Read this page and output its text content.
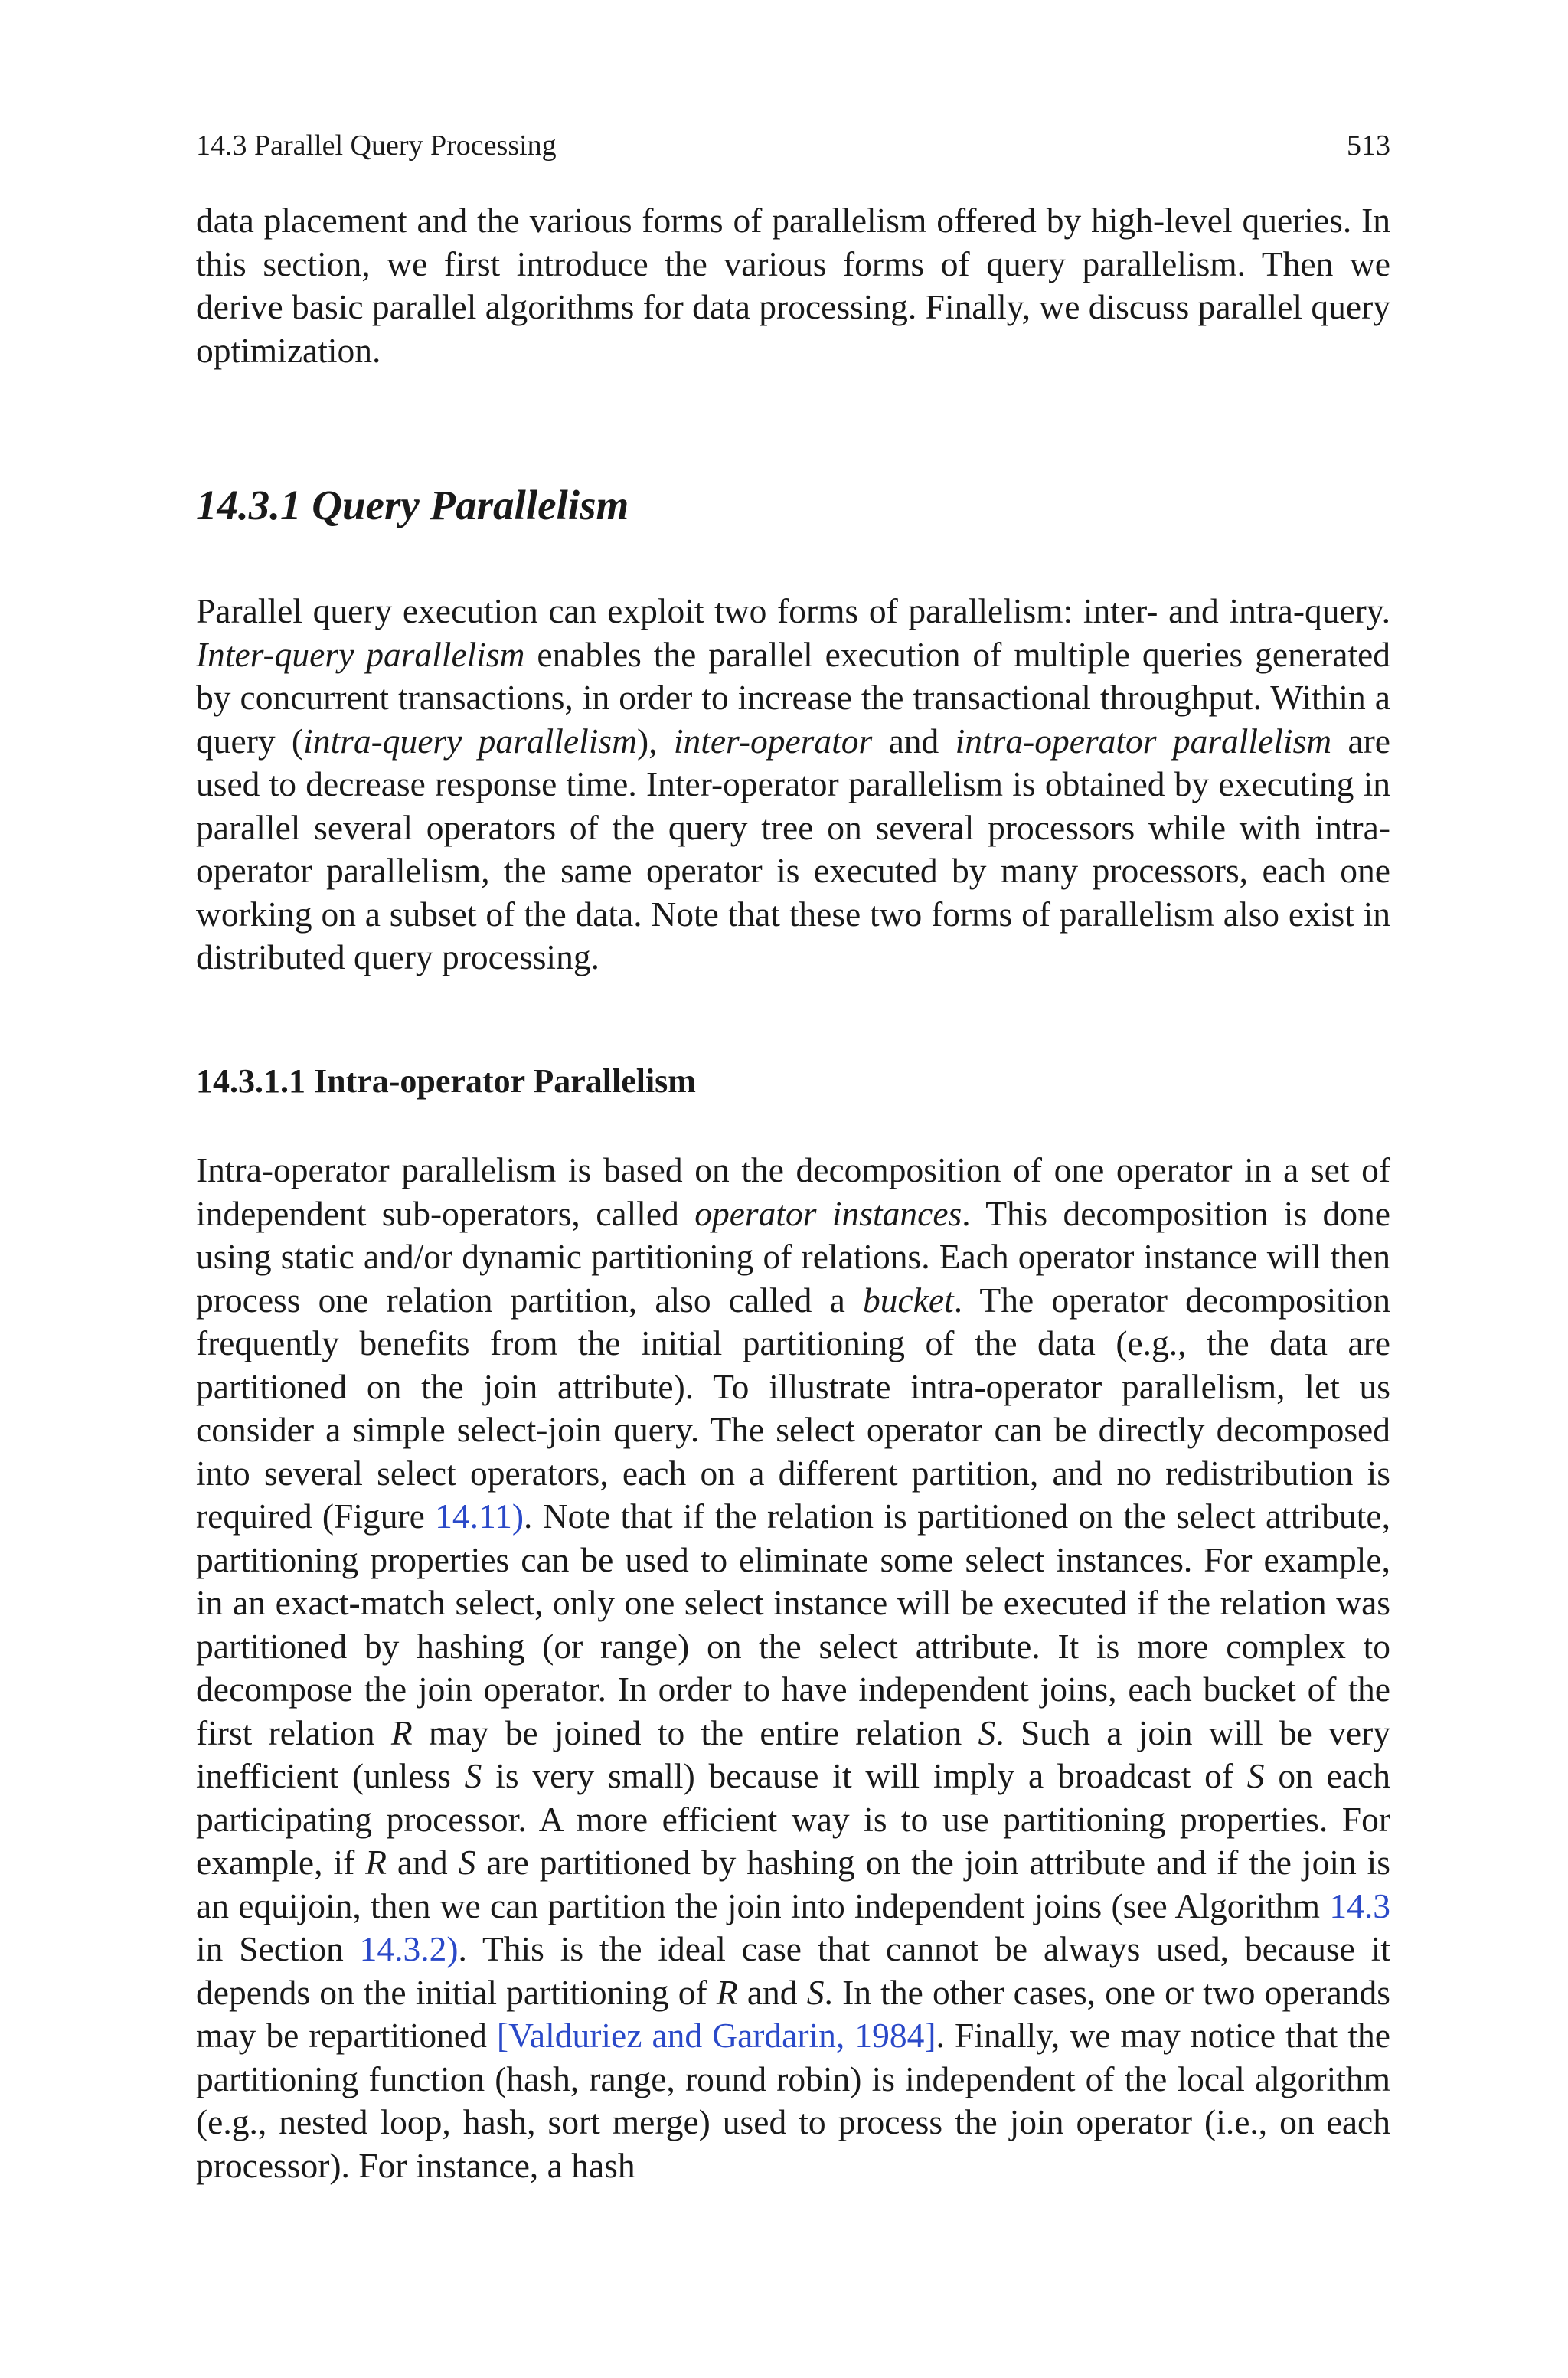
14.3 Parallel Query Processing	513

data placement and the various forms of parallelism offered by high-level queries. In this section, we first introduce the various forms of query parallelism. Then we derive basic parallel algorithms for data processing. Finally, we discuss parallel query optimization.

14.3.1 Query Parallelism

Parallel query execution can exploit two forms of parallelism: inter- and intra-query. Inter-query parallelism enables the parallel execution of multiple queries generated by concurrent transactions, in order to increase the transactional throughput. Within a query (intra-query parallelism), inter-operator and intra-operator parallelism are used to decrease response time. Inter-operator parallelism is obtained by executing in parallel several operators of the query tree on several processors while with intra-operator parallelism, the same operator is executed by many processors, each one working on a subset of the data. Note that these two forms of parallelism also exist in distributed query processing.

14.3.1.1 Intra-operator Parallelism

Intra-operator parallelism is based on the decomposition of one operator in a set of independent sub-operators, called operator instances. This decomposition is done using static and/or dynamic partitioning of relations. Each operator instance will then process one relation partition, also called a bucket. The operator decomposition frequently benefits from the initial partitioning of the data (e.g., the data are partitioned on the join attribute). To illustrate intra-operator parallelism, let us consider a simple select-join query. The select operator can be directly decomposed into several select operators, each on a different partition, and no redistribution is required (Figure 14.11). Note that if the relation is partitioned on the select attribute, partitioning properties can be used to eliminate some select instances. For example, in an exact-match select, only one select instance will be executed if the relation was partitioned by hashing (or range) on the select attribute. It is more complex to decompose the join operator. In order to have independent joins, each bucket of the first relation R may be joined to the entire relation S. Such a join will be very inefficient (unless S is very small) because it will imply a broadcast of S on each participating processor. A more efficient way is to use partitioning properties. For example, if R and S are partitioned by hashing on the join attribute and if the join is an equijoin, then we can partition the join into independent joins (see Algorithm 14.3 in Section 14.3.2). This is the ideal case that cannot be always used, because it depends on the initial partitioning of R and S. In the other cases, one or two operands may be repartitioned [Valduriez and Gardarin, 1984]. Finally, we may notice that the partitioning function (hash, range, round robin) is independent of the local algorithm (e.g., nested loop, hash, sort merge) used to process the join operator (i.e., on each processor). For instance, a hash
